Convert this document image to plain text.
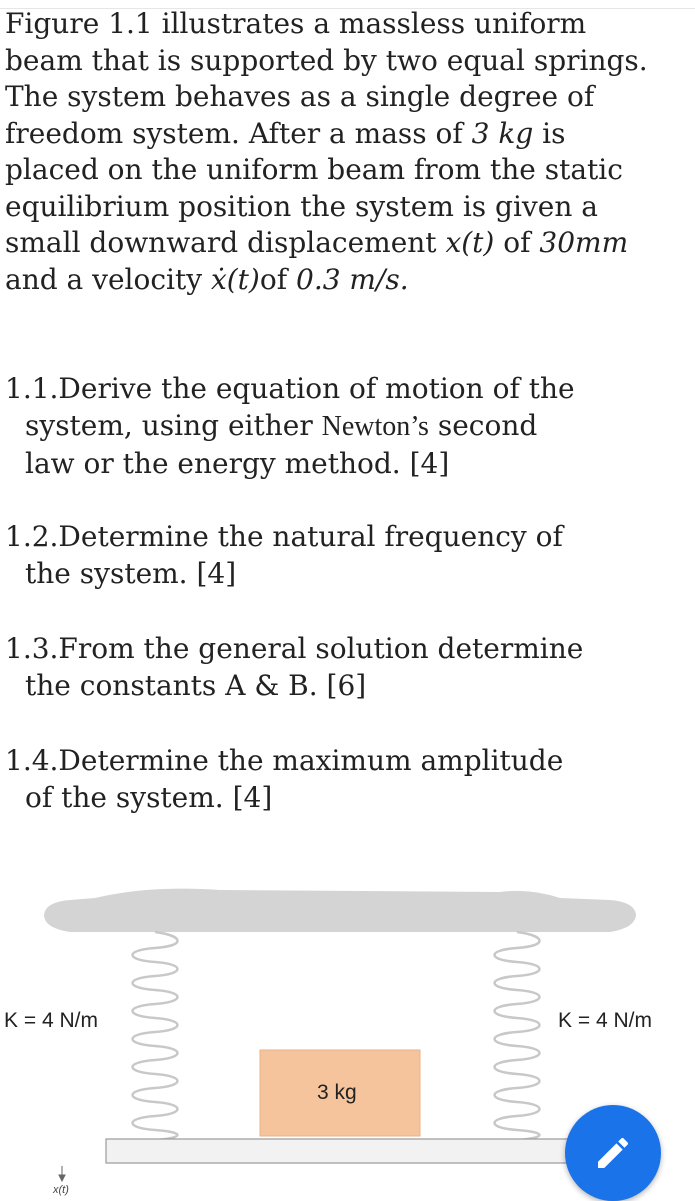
Figure 1.1 illustrates a massless uniform
beam that is supported by two equal springs.
The system behaves as a single degree of
freedom system. After a mass of 3 kg is
placed on the uniform beam from the static
equilibrium position the system is given a
small downward displacement x(t) of 30mm
and a velocity ẋ(t)of 0.3 m/s.
1.1.Derive the equation of motion of the
system, using either Newton’s second
law or the energy method. [4]
1.2.Determine the natural frequency of
the system. [4]
1.3.From the general solution determine
the constants A & B. [6]
1.4.Determine the maximum amplitude
of the system. [4]
K = 4 N/m	K = 4 N/m
3 kg
x(t)
